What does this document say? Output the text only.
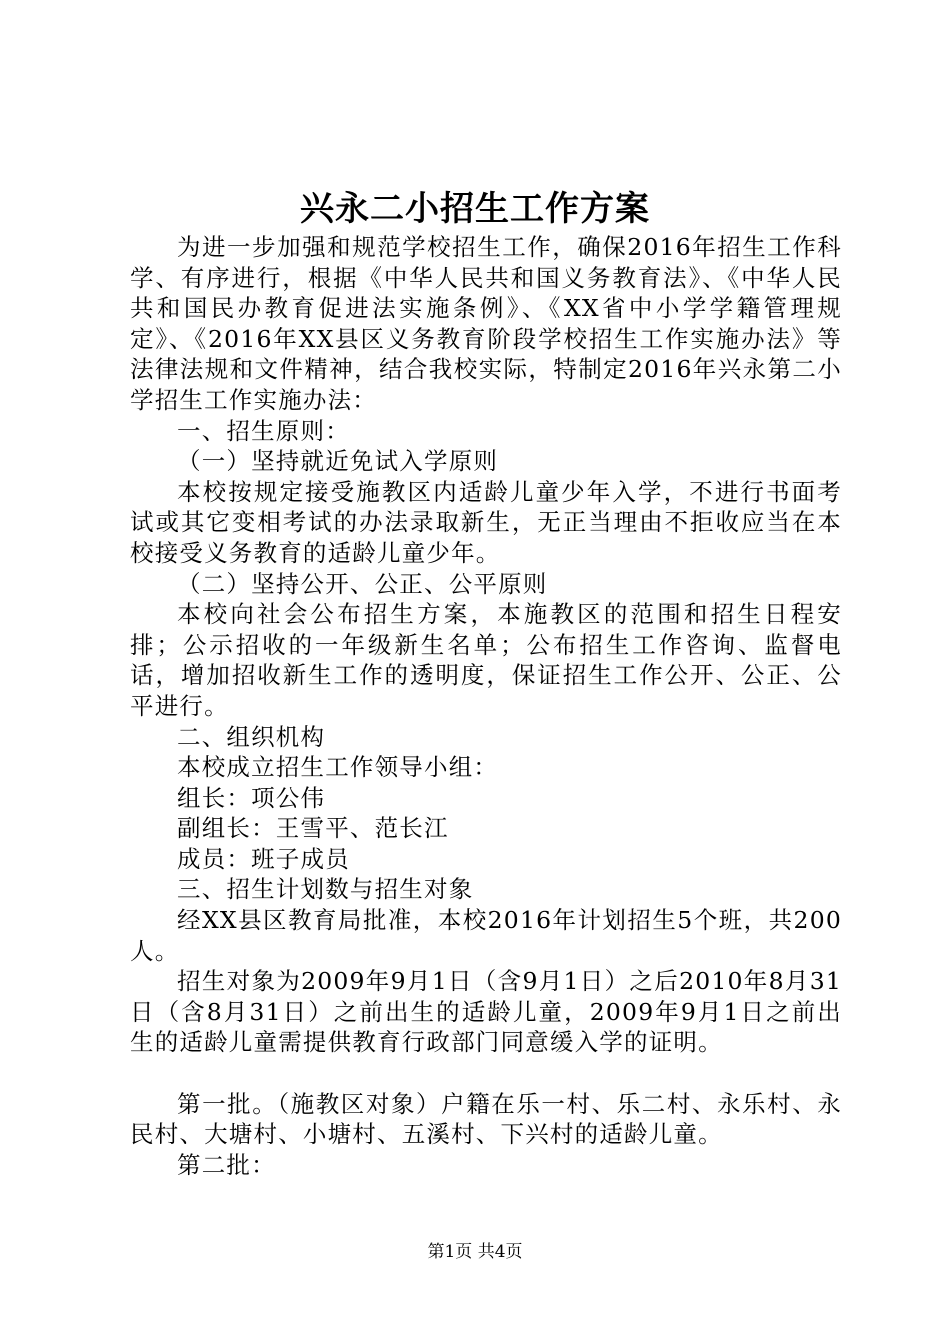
兴永二小招生工作方案

为进一步加强和规范学校招生工作，确保2016年招生工作科学、有序进行，根据《中华人民共和国义务教育法》、《中华人民共和国民办教育促进法实施条例》、《XX省中小学学籍管理规定》、《2016年XX县区义务教育阶段学校招生工作实施办法》等法律法规和文件精神，结合我校实际，特制定2016年兴永第二小学招生工作实施办法：

一、招生原则：

（一）坚持就近免试入学原则

本校按规定接受施教区内适龄儿童少年入学，不进行书面考试或其它变相考试的办法录取新生，无正当理由不拒收应当在本校接受义务教育的适龄儿童少年。

（二）坚持公开、公正、公平原则

本校向社会公布招生方案，本施教区的范围和招生日程安排；公示招收的一年级新生名单；公布招生工作咨询、监督电话，增加招收新生工作的透明度，保证招生工作公开、公正、公平进行。

二、组织机构

本校成立招生工作领导小组：

组长：项公伟

副组长：王雪平、范长江

成员：班子成员

三、招生计划数与招生对象

经XX县区教育局批准，本校2016年计划招生5个班，共200人。

招生对象为2009年9月1日（含9月1日）之后2010年8月31日（含8月31日）之前出生的适龄儿童，2009年9月1日之前出生的适龄儿童需提供教育行政部门同意缓入学的证明。

第一批。（施教区对象）户籍在乐一村、乐二村、永乐村、永民村、大塘村、小塘村、五溪村、下兴村的适龄儿童。

第二批：

第1页 共4页
